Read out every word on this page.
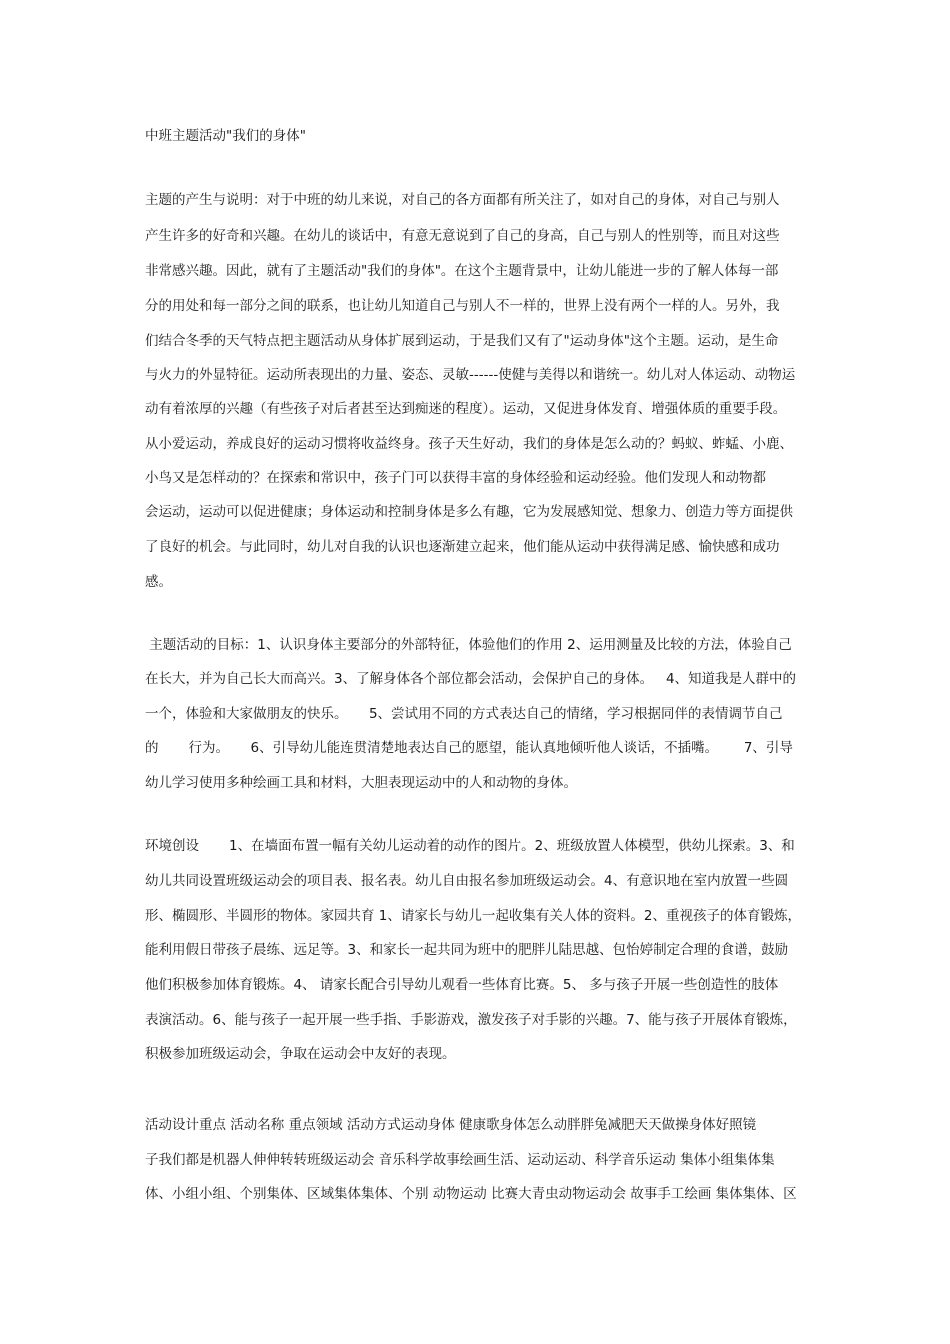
中班主题活动"我们的身体"
主题的产生与说明：对于中班的幼儿来说，对自己的各方面都有所关注了，如对自己的身体，对自己与别人
产生许多的好奇和兴趣。在幼儿的谈话中，有意无意说到了自己的身高，自己与别人的性别等，而且对这些
非常感兴趣。因此，就有了主题活动"我们的身体"。在这个主题背景中，让幼儿能进一步的了解人体每一部
分的用处和每一部分之间的联系，也让幼儿知道自己与别人不一样的，世界上没有两个一样的人。另外，我
们结合冬季的天气特点把主题活动从身体扩展到运动，于是我们又有了"运动身体"这个主题。运动，是生命
与火力的外显特征。运动所表现出的力量、姿态、灵敏------使健与美得以和谐统一。幼儿对人体运动、动物运
动有着浓厚的兴趣（有些孩子对后者甚至达到痴迷的程度）。运动，又促进身体发育、增强体质的重要手段。
从小爱运动，养成良好的运动习惯将收益终身。孩子天生好动，我们的身体是怎么动的？蚂蚁、蚱蜢、小鹿、
小鸟又是怎样动的？在探索和常识中，孩子门可以获得丰富的身体经验和运动经验。他们发现人和动物都
会运动，运动可以促进健康；身体运动和控制身体是多么有趣，它为发展感知觉、想象力、创造力等方面提供
了良好的机会。与此同时，幼儿对自我的认识也逐渐建立起来，他们能从运动中获得满足感、愉快感和成功
感。
主题活动的目标：1、认识身体主要部分的外部特征，体验他们的作用 2、运用测量及比较的方法，体验自己
在长大，并为自己长大而高兴。3、了解身体各个部位都会活动，会保护自己的身体。   4、知道我是人群中的
一个，体验和大家做朋友的快乐。     5、尝试用不同的方式表达自己的情绪，学习根据同伴的表情调节自己
的       行为。     6、引导幼儿能连贯清楚地表达自己的愿望，能认真地倾听他人谈话，不插嘴。      7、引导
幼儿学习使用多种绘画工具和材料，大胆表现运动中的人和动物的身体。
环境创设       1、在墙面布置一幅有关幼儿运动着的动作的图片。2、班级放置人体模型，供幼儿探索。3、和
幼儿共同设置班级运动会的项目表、报名表。幼儿自由报名参加班级运动会。4、有意识地在室内放置一些圆
形、椭圆形、半圆形的物体。家园共育 1、请家长与幼儿一起收集有关人体的资料。2、重视孩子的体育锻炼，
能利用假日带孩子晨练、远足等。3、和家长一起共同为班中的肥胖儿陆思越、包怡婷制定合理的食谱，鼓励
他们积极参加体育锻炼。4、 请家长配合引导幼儿观看一些体育比赛。5、 多与孩子开展一些创造性的肢体
表演活动。6、能与孩子一起开展一些手指、手影游戏，激发孩子对手影的兴趣。7、能与孩子开展体育锻炼，
积极参加班级运动会，争取在运动会中友好的表现。
活动设计重点 活动名称 重点领域 活动方式运动身体 健康歌身体怎么动胖胖兔减肥天天做操身体好照镜
子我们都是机器人伸伸转转班级运动会 音乐科学故事绘画生活、运动运动、科学音乐运动 集体小组集体集
体、小组小组、个别集体、区域集体集体、个别 动物运动 比赛大青虫动物运动会 故事手工绘画 集体集体、区
